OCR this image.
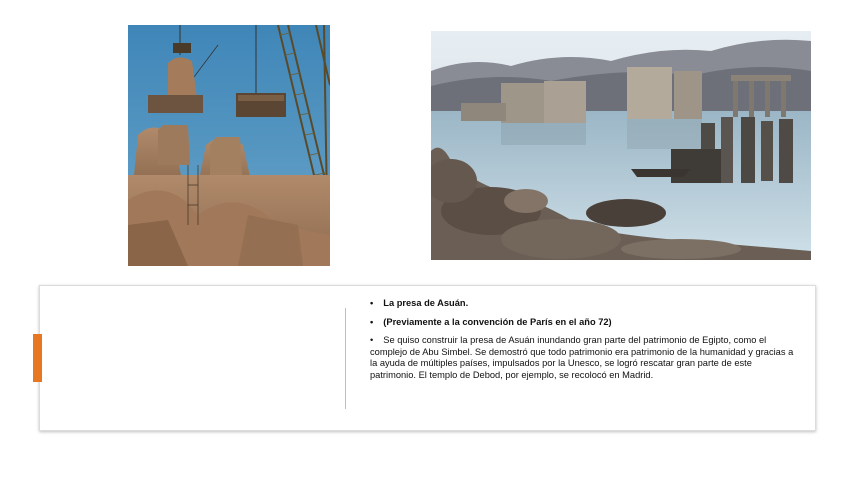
• La presa de Asuán.
• (Previamente a la convención de París en el año 72)
• Se quiso construir la presa de Asuán inundando gran parte del patrimonio de Egipto, como el complejo de Abu Simbel. Se demostró que todo patrimonio era patrimonio de la humanidad y gracias a la ayuda de múltiples países, impulsados por la Unesco, se logró rescatar gran parte de este patrimonio. El templo de Debod, por ejemplo, se recolocó en Madrid.
